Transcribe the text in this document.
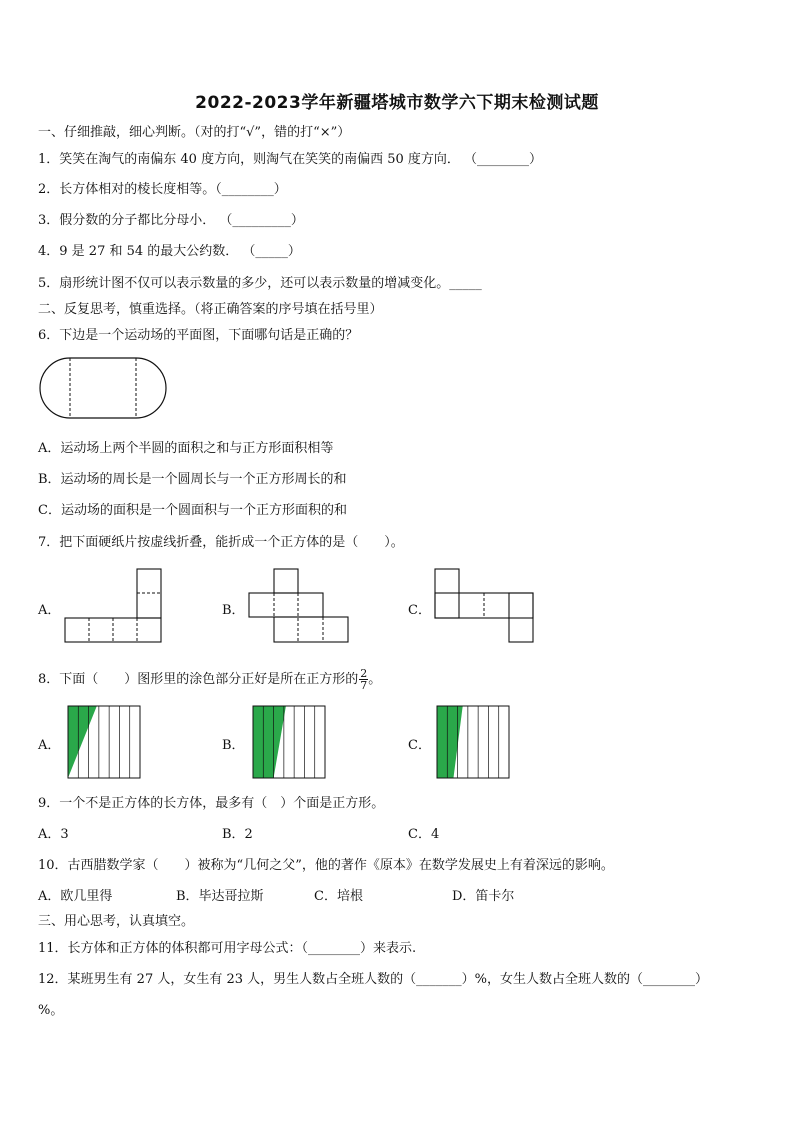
2022-2023学年新疆塔城市数学六下期末检测试题
一、仔细推敲，细心判断。（对的打“√”，错的打“×”）
1．笑笑在淘气的南偏东 40 度方向，则淘气在笑笑的南偏西 50 度方向． （________）
2．长方体相对的棱长度相等。（________）
3．假分数的分子都比分母小． （_________）
4．9 是 27 和 54 的最大公约数． （_____）
5．扇形统计图不仅可以表示数量的多少，还可以表示数量的增减变化。_____
二、反复思考，慎重选择。（将正确答案的序号填在括号里）
6．下边是一个运动场的平面图，下面哪句话是正确的？
A．运动场上两个半圆的面积之和与正方形面积相等
B．运动场的周长是一个圆周长与一个正方形周长的和
C．运动场的面积是一个圆面积与一个正方形面积的和
7．把下面硬纸片按虚线折叠，能折成一个正方体的是（　　）。
A．	B．	C．
8．下面（　　）图形里的涂色部分正好是所在正方形的 $\frac{2}{7}$ 。
A．	B．	C．
9．一个不是正方体的长方体，最多有（　）个面是正方形。
A．3	B．2	C．4
10．古西腊数学家（　　）被称为“几何之父”，他的著作《原本》在数学发展史上有着深远的影响。
A．欧几里得	B．毕达哥拉斯	C．培根	D．笛卡尔
三、用心思考，认真填空。
11．长方体和正方体的体积都可用字母公式：（________）来表示.
12．某班男生有 27 人，女生有 23 人，男生人数占全班人数的（_______）%，女生人数占全班人数的（________）
%。
